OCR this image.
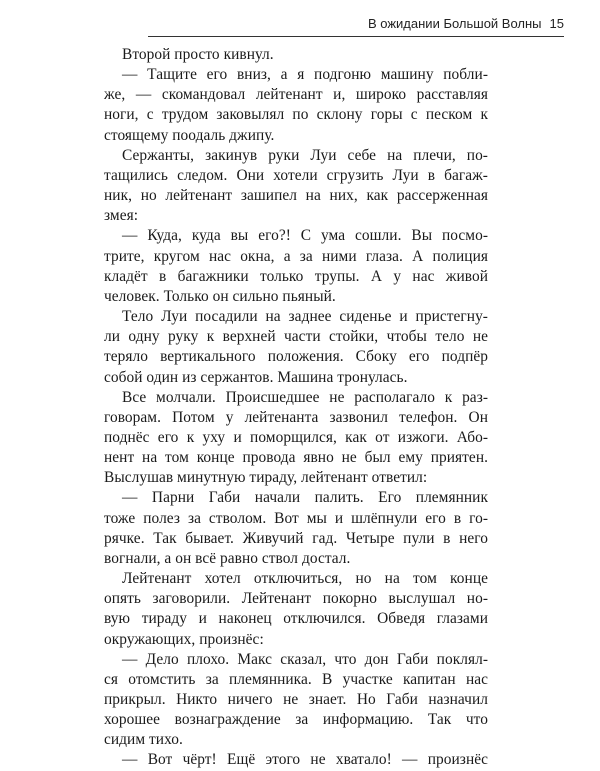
В ожидании Большой Волны 15

Второй просто кивнул.

— Тащите его вниз, а я подгоню машину побли-

же, — скомандовал лейтенант и, широко расставляя

ноги, с трудом заковылял по склону горы с песком к

стоящему поодаль джипу.

Сержанты, закинув руки Луи себе на плечи, по-

тащились следом. Они хотели сгрузить Луи в багаж-

ник, но лейтенант зашипел на них, как рассерженная

змея:

— Куда, куда вы его?! С ума сошли. Вы посмо-

трите, кругом нас окна, а за ними глаза. А полиция

кладёт в багажники только трупы. А у нас живой

человек. Только он сильно пьяный.

Тело Луи посадили на заднее сиденье и пристегну-

ли одну руку к верхней части стойки, чтобы тело не

теряло вертикального положения. Сбоку его подпёр

собой один из сержантов. Машина тронулась.

Все молчали. Происшедшее не располагало к раз-

говорам. Потом у лейтенанта зазвонил телефон. Он

поднёс его к уху и поморщился, как от изжоги. Або-

нент на том конце провода явно не был ему приятен.

Выслушав минутную тираду, лейтенант ответил:

— Парни Габи начали палить. Его племянник

тоже полез за стволом. Вот мы и шлёпнули его в го-

рячке. Так бывает. Живучий гад. Четыре пули в него

вогнали, а он всё равно ствол достал.

Лейтенант хотел отключиться, но на том конце

опять заговорили. Лейтенант покорно выслушал но-

вую тираду и наконец отключился. Обведя глазами

окружающих, произнёс:

— Дело плохо. Макс сказал, что дон Габи поклял-

ся отомстить за племянника. В участке капитан нас

прикрыл. Никто ничего не знает. Но Габи назначил

хорошее вознаграждение за информацию. Так что

сидим тихо.

— Вот чёрт! Ещё этого не хватало! — произнёс
